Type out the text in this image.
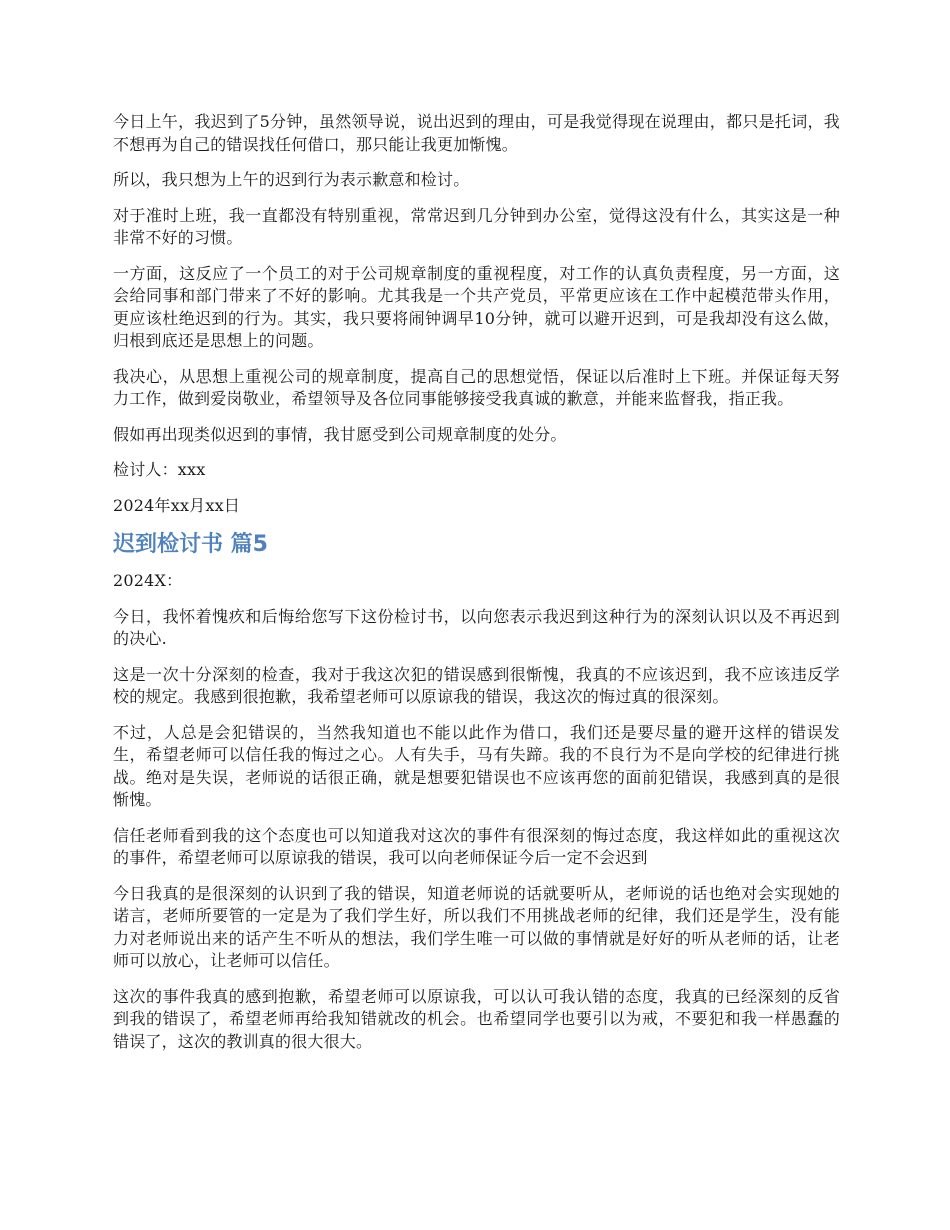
今日上午，我迟到了5分钟，虽然领导说，说出迟到的理由，可是我觉得现在说理由，都只是托词，我不想再为自己的错误找任何借口，那只能让我更加惭愧。

所以，我只想为上午的迟到行为表示歉意和检讨。

对于准时上班，我一直都没有特别重视，常常迟到几分钟到办公室，觉得这没有什么，其实这是一种非常不好的习惯。

一方面，这反应了一个员工的对于公司规章制度的重视程度，对工作的认真负责程度，另一方面，这会给同事和部门带来了不好的影响。尤其我是一个共产党员，平常更应该在工作中起模范带头作用，更应该杜绝迟到的行为。其实，我只要将闹钟调早10分钟，就可以避开迟到，可是我却没有这么做，归根到底还是思想上的问题。

我决心，从思想上重视公司的规章制度，提高自己的思想觉悟，保证以后准时上下班。并保证每天努力工作，做到爱岗敬业，希望领导及各位同事能够接受我真诚的歉意，并能来监督我，指正我。

假如再出现类似迟到的事情，我甘愿受到公司规章制度的处分。

检讨人：xxx

2024年xx月xx日

迟到检讨书 篇5

2024X：

今日，我怀着愧疚和后悔给您写下这份检讨书，以向您表示我迟到这种行为的深刻认识以及不再迟到的决心.

这是一次十分深刻的检查，我对于我这次犯的错误感到很惭愧，我真的不应该迟到，我不应该违反学校的规定。我感到很抱歉，我希望老师可以原谅我的错误，我这次的悔过真的很深刻。

不过，人总是会犯错误的，当然我知道也不能以此作为借口，我们还是要尽量的避开这样的错误发生，希望老师可以信任我的悔过之心。人有失手，马有失蹄。我的不良行为不是向学校的纪律进行挑战。绝对是失误，老师说的话很正确，就是想要犯错误也不应该再您的面前犯错误，我感到真的是很惭愧。

信任老师看到我的这个态度也可以知道我对这次的事件有很深刻的悔过态度，我这样如此的重视这次的事件，希望老师可以原谅我的错误，我可以向老师保证今后一定不会迟到

今日我真的是很深刻的认识到了我的错误，知道老师说的话就要听从，老师说的话也绝对会实现她的诺言，老师所要管的一定是为了我们学生好，所以我们不用挑战老师的纪律，我们还是学生，没有能力对老师说出来的话产生不听从的想法，我们学生唯一可以做的事情就是好好的听从老师的话，让老师可以放心，让老师可以信任。

这次的事件我真的感到抱歉，希望老师可以原谅我，可以认可我认错的态度，我真的已经深刻的反省到我的错误了，希望老师再给我知错就改的机会。也希望同学也要引以为戒，不要犯和我一样愚蠢的错误了，这次的教训真的很大很大。
